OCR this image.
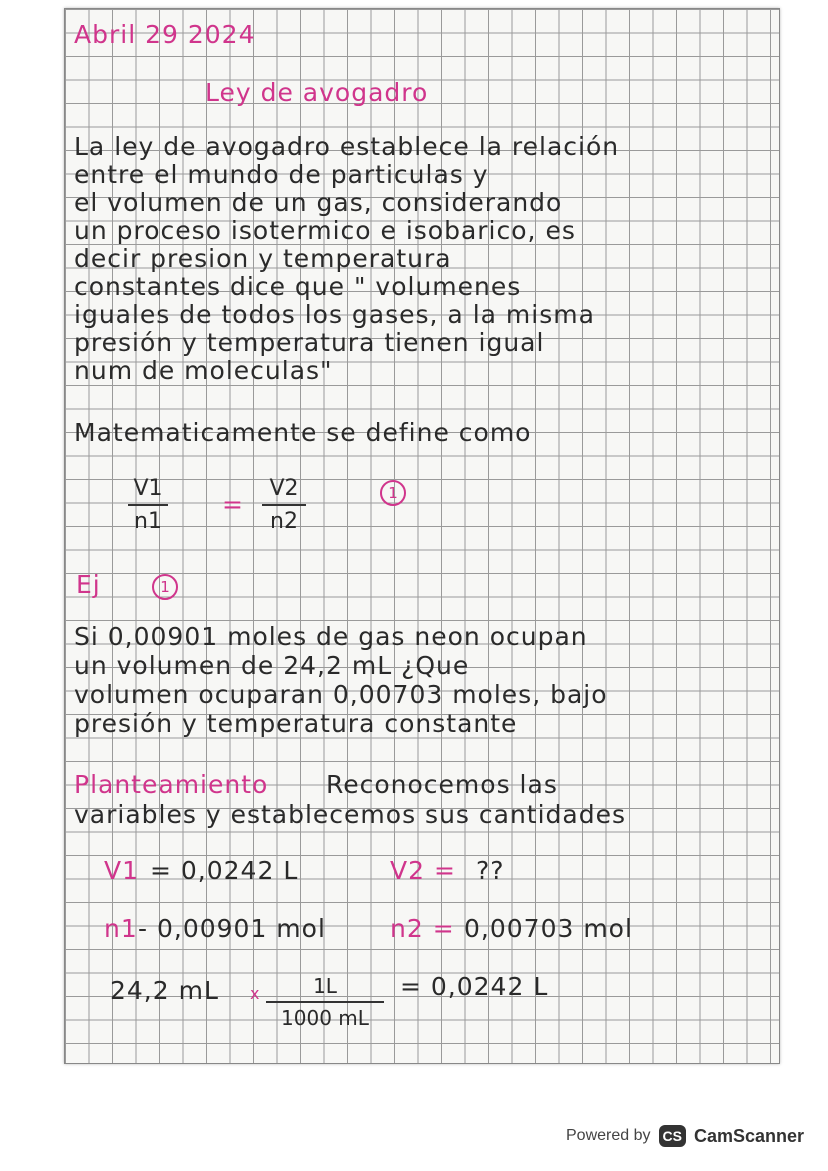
Abril 29 2024
Ley de avogadro
La ley de avogadro establece la relación
entre el mundo de particulas y
el volumen de un gas, considerando
un proceso isotermico e isobarico, es
decir presion y temperatura
constantes dice que " volumenes
iguales de todos los gases, a la misma
presión y temperatura tienen igual
num de moleculas"
Matematicamente se define como
V1
n1
=
V2
n2
1
Ej	1
Si 0,00901 moles de gas neon ocupan
un volumen de 24,2 mL ¿Que
volumen ocuparan 0,00703 moles, bajo
presión y temperatura constante
Planteamiento Reconocemos las
variables y establecemos sus cantidades
V1 = 0,0242 L	V2 = ??
n1 - 0,00901 mol	n2 = 0,00703 mol
24,2 mL x	1L
1000 mL
= 0,0242 L
Powered by CS CamScanner
